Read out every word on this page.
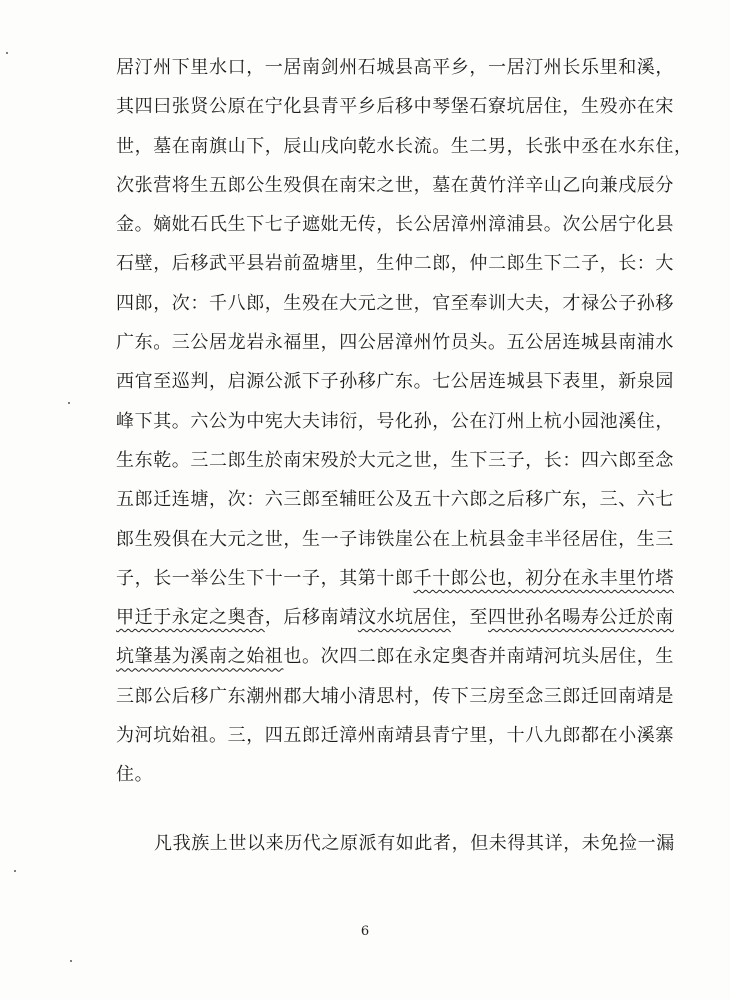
居汀州下里水口，一居南剑州石城县高平乡，一居汀州长乐里和溪，
其四曰张贤公原在宁化县青平乡后移中琴堡石寮坑居住，生殁亦在宋
世，墓在南旗山下，辰山戌向乾水长流。生二男，长张中丞在水东住，
次张营将生五郎公生殁俱在南宋之世，墓在黄竹洋辛山乙向兼戌辰分
金。嫡妣石氏生下七子遮妣无传，长公居漳州漳浦县。次公居宁化县
石壁，后移武平县岩前盈塘里，生仲二郎，仲二郎生下二子，长：大
四郎，次：千八郎，生殁在大元之世，官至奉训大夫，才禄公子孙移
广东。三公居龙岩永福里，四公居漳州竹员头。五公居连城县南浦水
西官至巡判，启源公派下子孙移广东。七公居连城县下表里，新泉园
峰下其。六公为中宪大夫讳衍，号化孙，公在汀州上杭小园池溪住，
生东乾。三二郎生於南宋殁於大元之世，生下三子，长：四六郎至念
五郎迁连塘，次：六三郎至辅旺公及五十六郎之后移广东，三、六七
郎生殁俱在大元之世，生一子讳铁崖公在上杭县金丰半径居住，生三
子，长一举公生下十一子，其第十郎千十郎公也，初分在永丰里竹塔
甲迁于永定之奥杳，后移南靖汶水坑居住，至四世孙名暘寿公迁於南
坑肇基为溪南之始祖也。次四二郎在永定奥杳并南靖河坑头居住，生
三郎公后移广东潮州郡大埔小清思村，传下三房至念三郎迁回南靖是
为河坑始祖。三，四五郎迁漳州南靖县青宁里，十八九郎都在小溪寨
住。
凡我族上世以来历代之原派有如此者，但未得其详，未免捡一漏
6
